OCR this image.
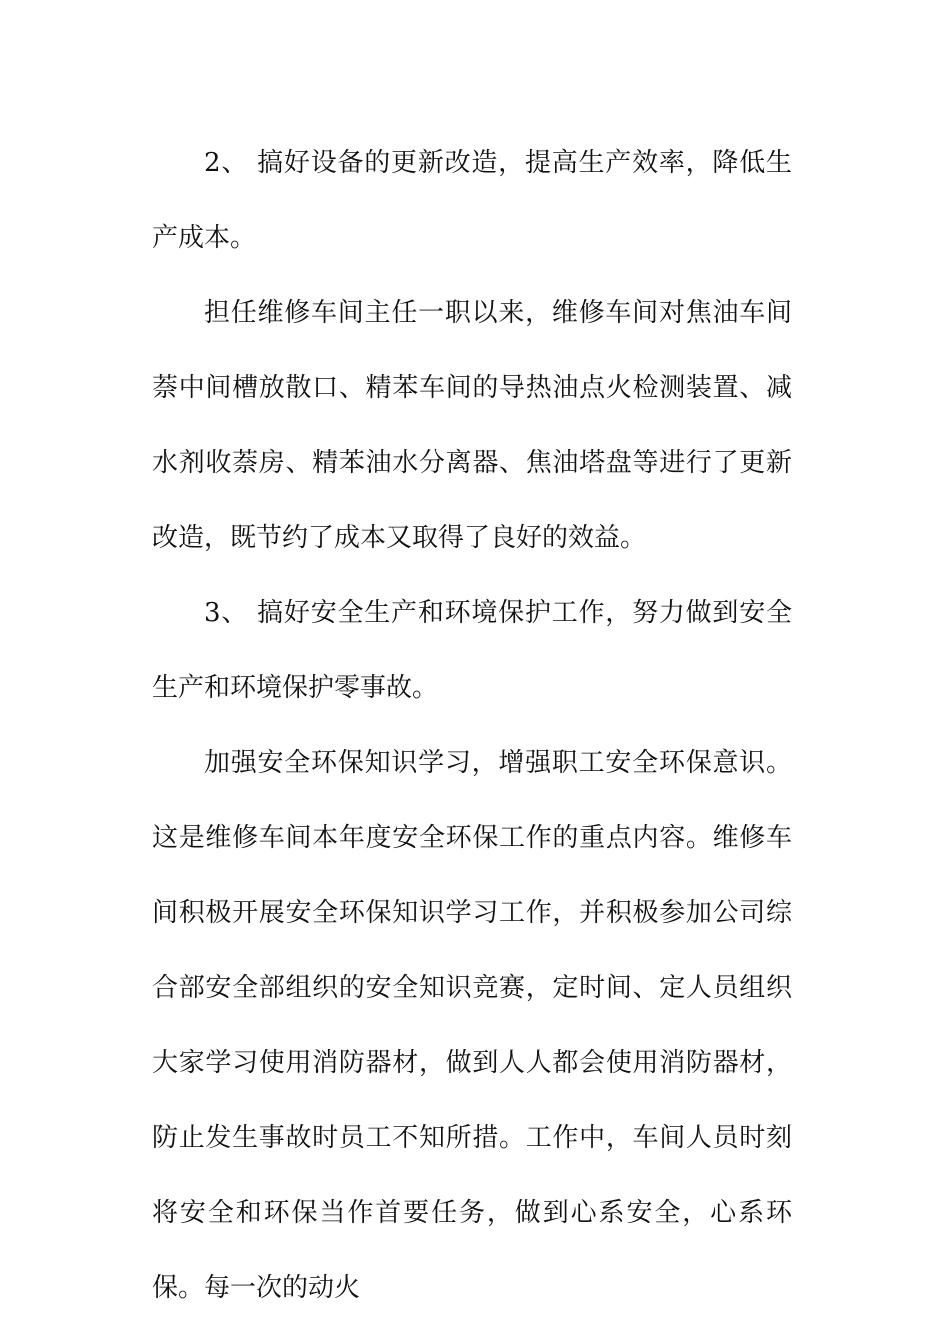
2、 搞好设备的更新改造，提高生产效率，降低生产成本。

担任维修车间主任一职以来，维修车间对焦油车间萘中间槽放散口、精苯车间的导热油点火检测装置、减水剂收萘房、精苯油水分离器、焦油塔盘等进行了更新改造，既节约了成本又取得了良好的效益。

3、 搞好安全生产和环境保护工作，努力做到安全生产和环境保护零事故。

加强安全环保知识学习，增强职工安全环保意识。这是维修车间本年度安全环保工作的重点内容。维修车间积极开展安全环保知识学习工作，并积极参加公司综合部安全部组织的安全知识竞赛，定时间、定人员组织大家学习使用消防器材，做到人人都会使用消防器材，防止发生事故时员工不知所措。工作中，车间人员时刻将安全和环保当作首要任务，做到心系安全，心系环保。每一次的动火
